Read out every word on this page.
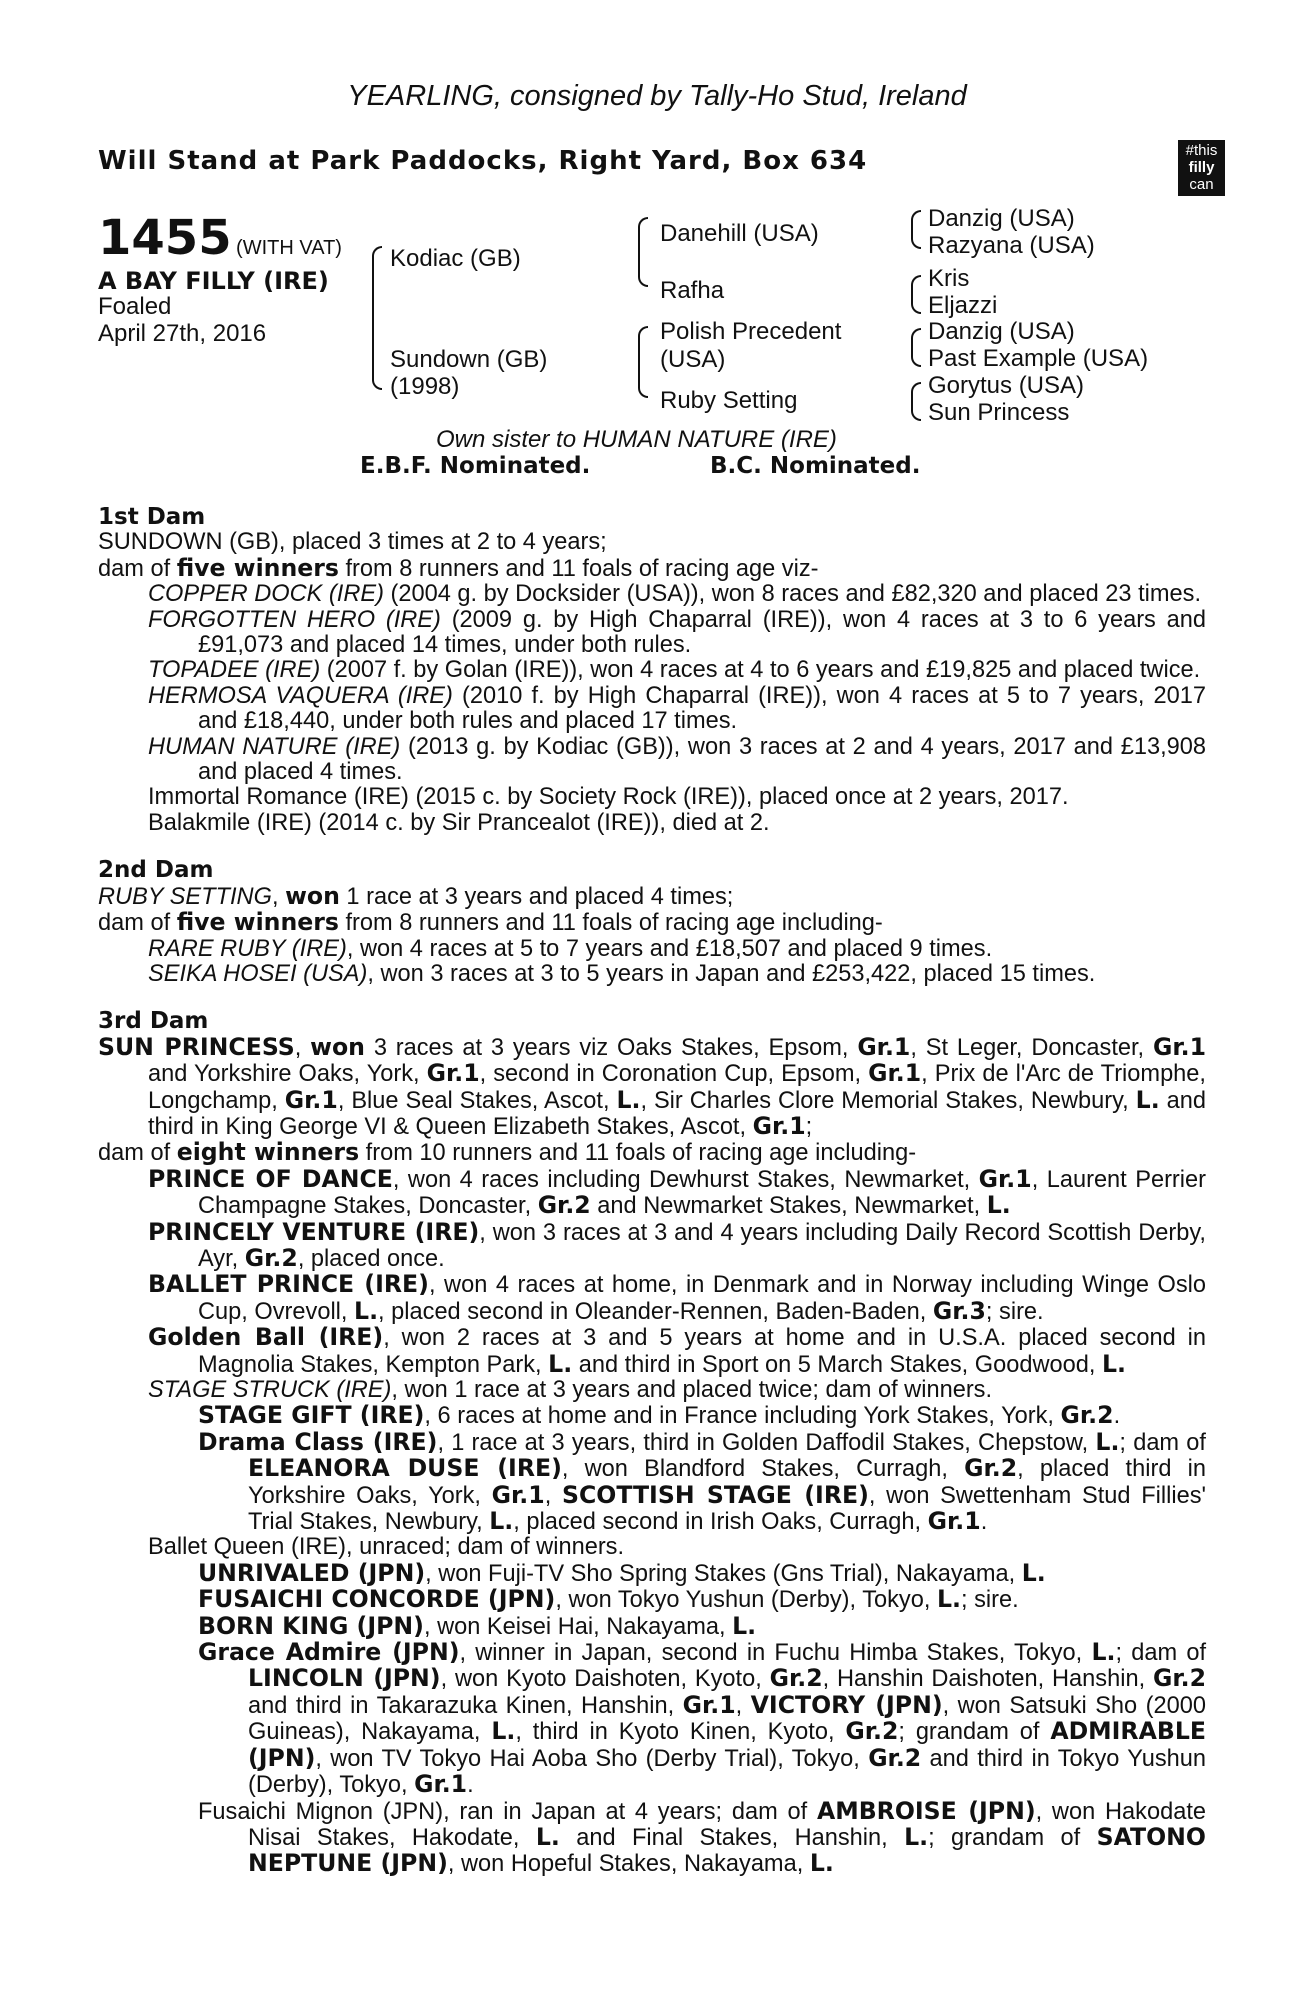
YEARLING, consigned by Tally-Ho Stud, Ireland
Will Stand at Park Paddocks, Right Yard, Box 634	#this
filly
can
1455 (WITH VAT)
A BAY FILLY (IRE)
Foaled
April 27th, 2016
Kodiac (GB)
Sundown (GB)
(1998)
Danehill (USA)
Rafha
Polish Precedent
(USA)
Ruby Setting
Danzig (USA)
Razyana (USA)
Kris
Eljazzi
Danzig (USA)
Past Example (USA)
Gorytus (USA)
Sun Princess
Own sister to HUMAN NATURE (IRE)
E.B.F. Nominated.	B.C. Nominated.
1st Dam
SUNDOWN (GB), placed 3 times at 2 to 4 years;
dam of five winners from 8 runners and 11 foals of racing age viz-
COPPER DOCK (IRE) (2004 g. by Docksider (USA)), won 8 races and £82,320 and placed 23 times.
FORGOTTEN HERO (IRE) (2009 g. by High Chaparral (IRE)), won 4 races at 3 to 6 years and £91,073 and placed 14 times, under both rules.
TOPADEE (IRE) (2007 f. by Golan (IRE)), won 4 races at 4 to 6 years and £19,825 and placed twice.
HERMOSA VAQUERA (IRE) (2010 f. by High Chaparral (IRE)), won 4 races at 5 to 7 years, 2017 and £18,440, under both rules and placed 17 times.
HUMAN NATURE (IRE) (2013 g. by Kodiac (GB)), won 3 races at 2 and 4 years, 2017 and £13,908 and placed 4 times.
Immortal Romance (IRE) (2015 c. by Society Rock (IRE)), placed once at 2 years, 2017.
Balakmile (IRE) (2014 c. by Sir Prancealot (IRE)), died at 2.
2nd Dam
RUBY SETTING, won 1 race at 3 years and placed 4 times;
dam of five winners from 8 runners and 11 foals of racing age including-
RARE RUBY (IRE), won 4 races at 5 to 7 years and £18,507 and placed 9 times.
SEIKA HOSEI (USA), won 3 races at 3 to 5 years in Japan and £253,422, placed 15 times.
3rd Dam
SUN PRINCESS, won 3 races at 3 years viz Oaks Stakes, Epsom, Gr.1, St Leger, Doncaster, Gr.1 and Yorkshire Oaks, York, Gr.1, second in Coronation Cup, Epsom, Gr.1, Prix de l'Arc de Triomphe, Longchamp, Gr.1, Blue Seal Stakes, Ascot, L., Sir Charles Clore Memorial Stakes, Newbury, L. and third in King George VI & Queen Elizabeth Stakes, Ascot, Gr.1;
dam of eight winners from 10 runners and 11 foals of racing age including-
PRINCE OF DANCE, won 4 races including Dewhurst Stakes, Newmarket, Gr.1, Laurent Perrier Champagne Stakes, Doncaster, Gr.2 and Newmarket Stakes, Newmarket, L.
PRINCELY VENTURE (IRE), won 3 races at 3 and 4 years including Daily Record Scottish Derby, Ayr, Gr.2, placed once.
BALLET PRINCE (IRE), won 4 races at home, in Denmark and in Norway including Winge Oslo Cup, Ovrevoll, L., placed second in Oleander-Rennen, Baden-Baden, Gr.3; sire.
Golden Ball (IRE), won 2 races at 3 and 5 years at home and in U.S.A. placed second in Magnolia Stakes, Kempton Park, L. and third in Sport on 5 March Stakes, Goodwood, L.
STAGE STRUCK (IRE), won 1 race at 3 years and placed twice; dam of winners.
STAGE GIFT (IRE), 6 races at home and in France including York Stakes, York, Gr.2.
Drama Class (IRE), 1 race at 3 years, third in Golden Daffodil Stakes, Chepstow, L.; dam of ELEANORA DUSE (IRE), won Blandford Stakes, Curragh, Gr.2, placed third in Yorkshire Oaks, York, Gr.1, SCOTTISH STAGE (IRE), won Swettenham Stud Fillies' Trial Stakes, Newbury, L., placed second in Irish Oaks, Curragh, Gr.1.
Ballet Queen (IRE), unraced; dam of winners.
UNRIVALED (JPN), won Fuji-TV Sho Spring Stakes (Gns Trial), Nakayama, L.
FUSAICHI CONCORDE (JPN), won Tokyo Yushun (Derby), Tokyo, L.; sire.
BORN KING (JPN), won Keisei Hai, Nakayama, L.
Grace Admire (JPN), winner in Japan, second in Fuchu Himba Stakes, Tokyo, L.; dam of LINCOLN (JPN), won Kyoto Daishoten, Kyoto, Gr.2, Hanshin Daishoten, Hanshin, Gr.2 and third in Takarazuka Kinen, Hanshin, Gr.1, VICTORY (JPN), won Satsuki Sho (2000 Guineas), Nakayama, L., third in Kyoto Kinen, Kyoto, Gr.2; grandam of ADMIRABLE (JPN), won TV Tokyo Hai Aoba Sho (Derby Trial), Tokyo, Gr.2 and third in Tokyo Yushun (Derby), Tokyo, Gr.1.
Fusaichi Mignon (JPN), ran in Japan at 4 years; dam of AMBROISE (JPN), won Hakodate Nisai Stakes, Hakodate, L. and Final Stakes, Hanshin, L.; grandam of SATONO NEPTUNE (JPN), won Hopeful Stakes, Nakayama, L.
